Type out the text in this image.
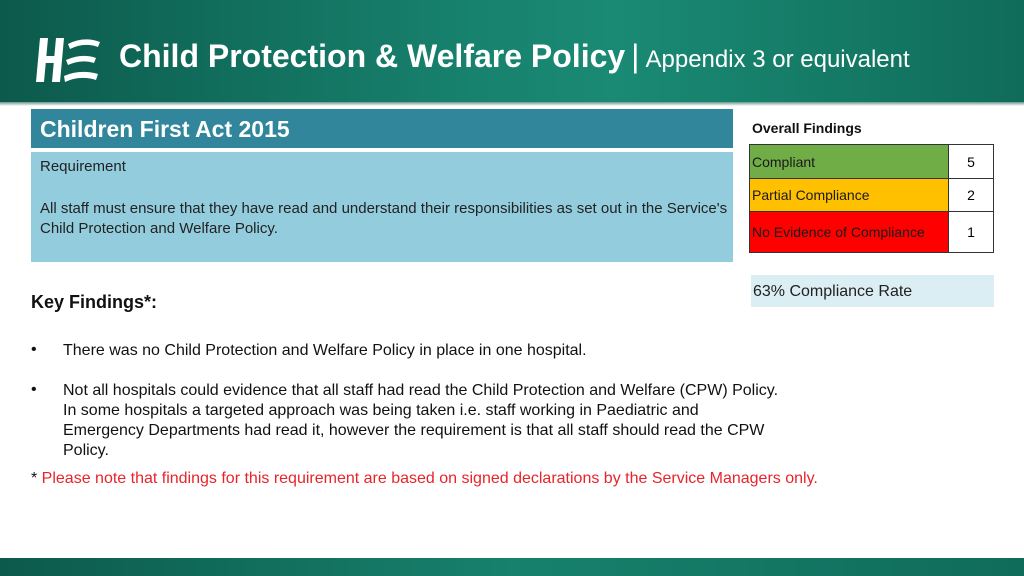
Child Protection & Welfare Policy | Appendix 3 or equivalent
Children First Act 2015
Requirement
All staff must ensure that they have read and understand their responsibilities as set out in the Service's Child Protection and Welfare Policy.
Overall Findings
Compliant	5
Partial Compliance	2
No Evidence of Compliance	1
63% Compliance Rate
Key Findings*:
• There was no Child Protection and Welfare Policy in place in one hospital.
• Not all hospitals could evidence that all staff had read the Child Protection and Welfare (CPW) Policy. In some hospitals a targeted approach was being taken i.e. staff working in Paediatric and Emergency Departments had read it, however the requirement is that all staff should read the CPW Policy.
* Please note that findings for this requirement are based on signed declarations by the Service Managers only.
